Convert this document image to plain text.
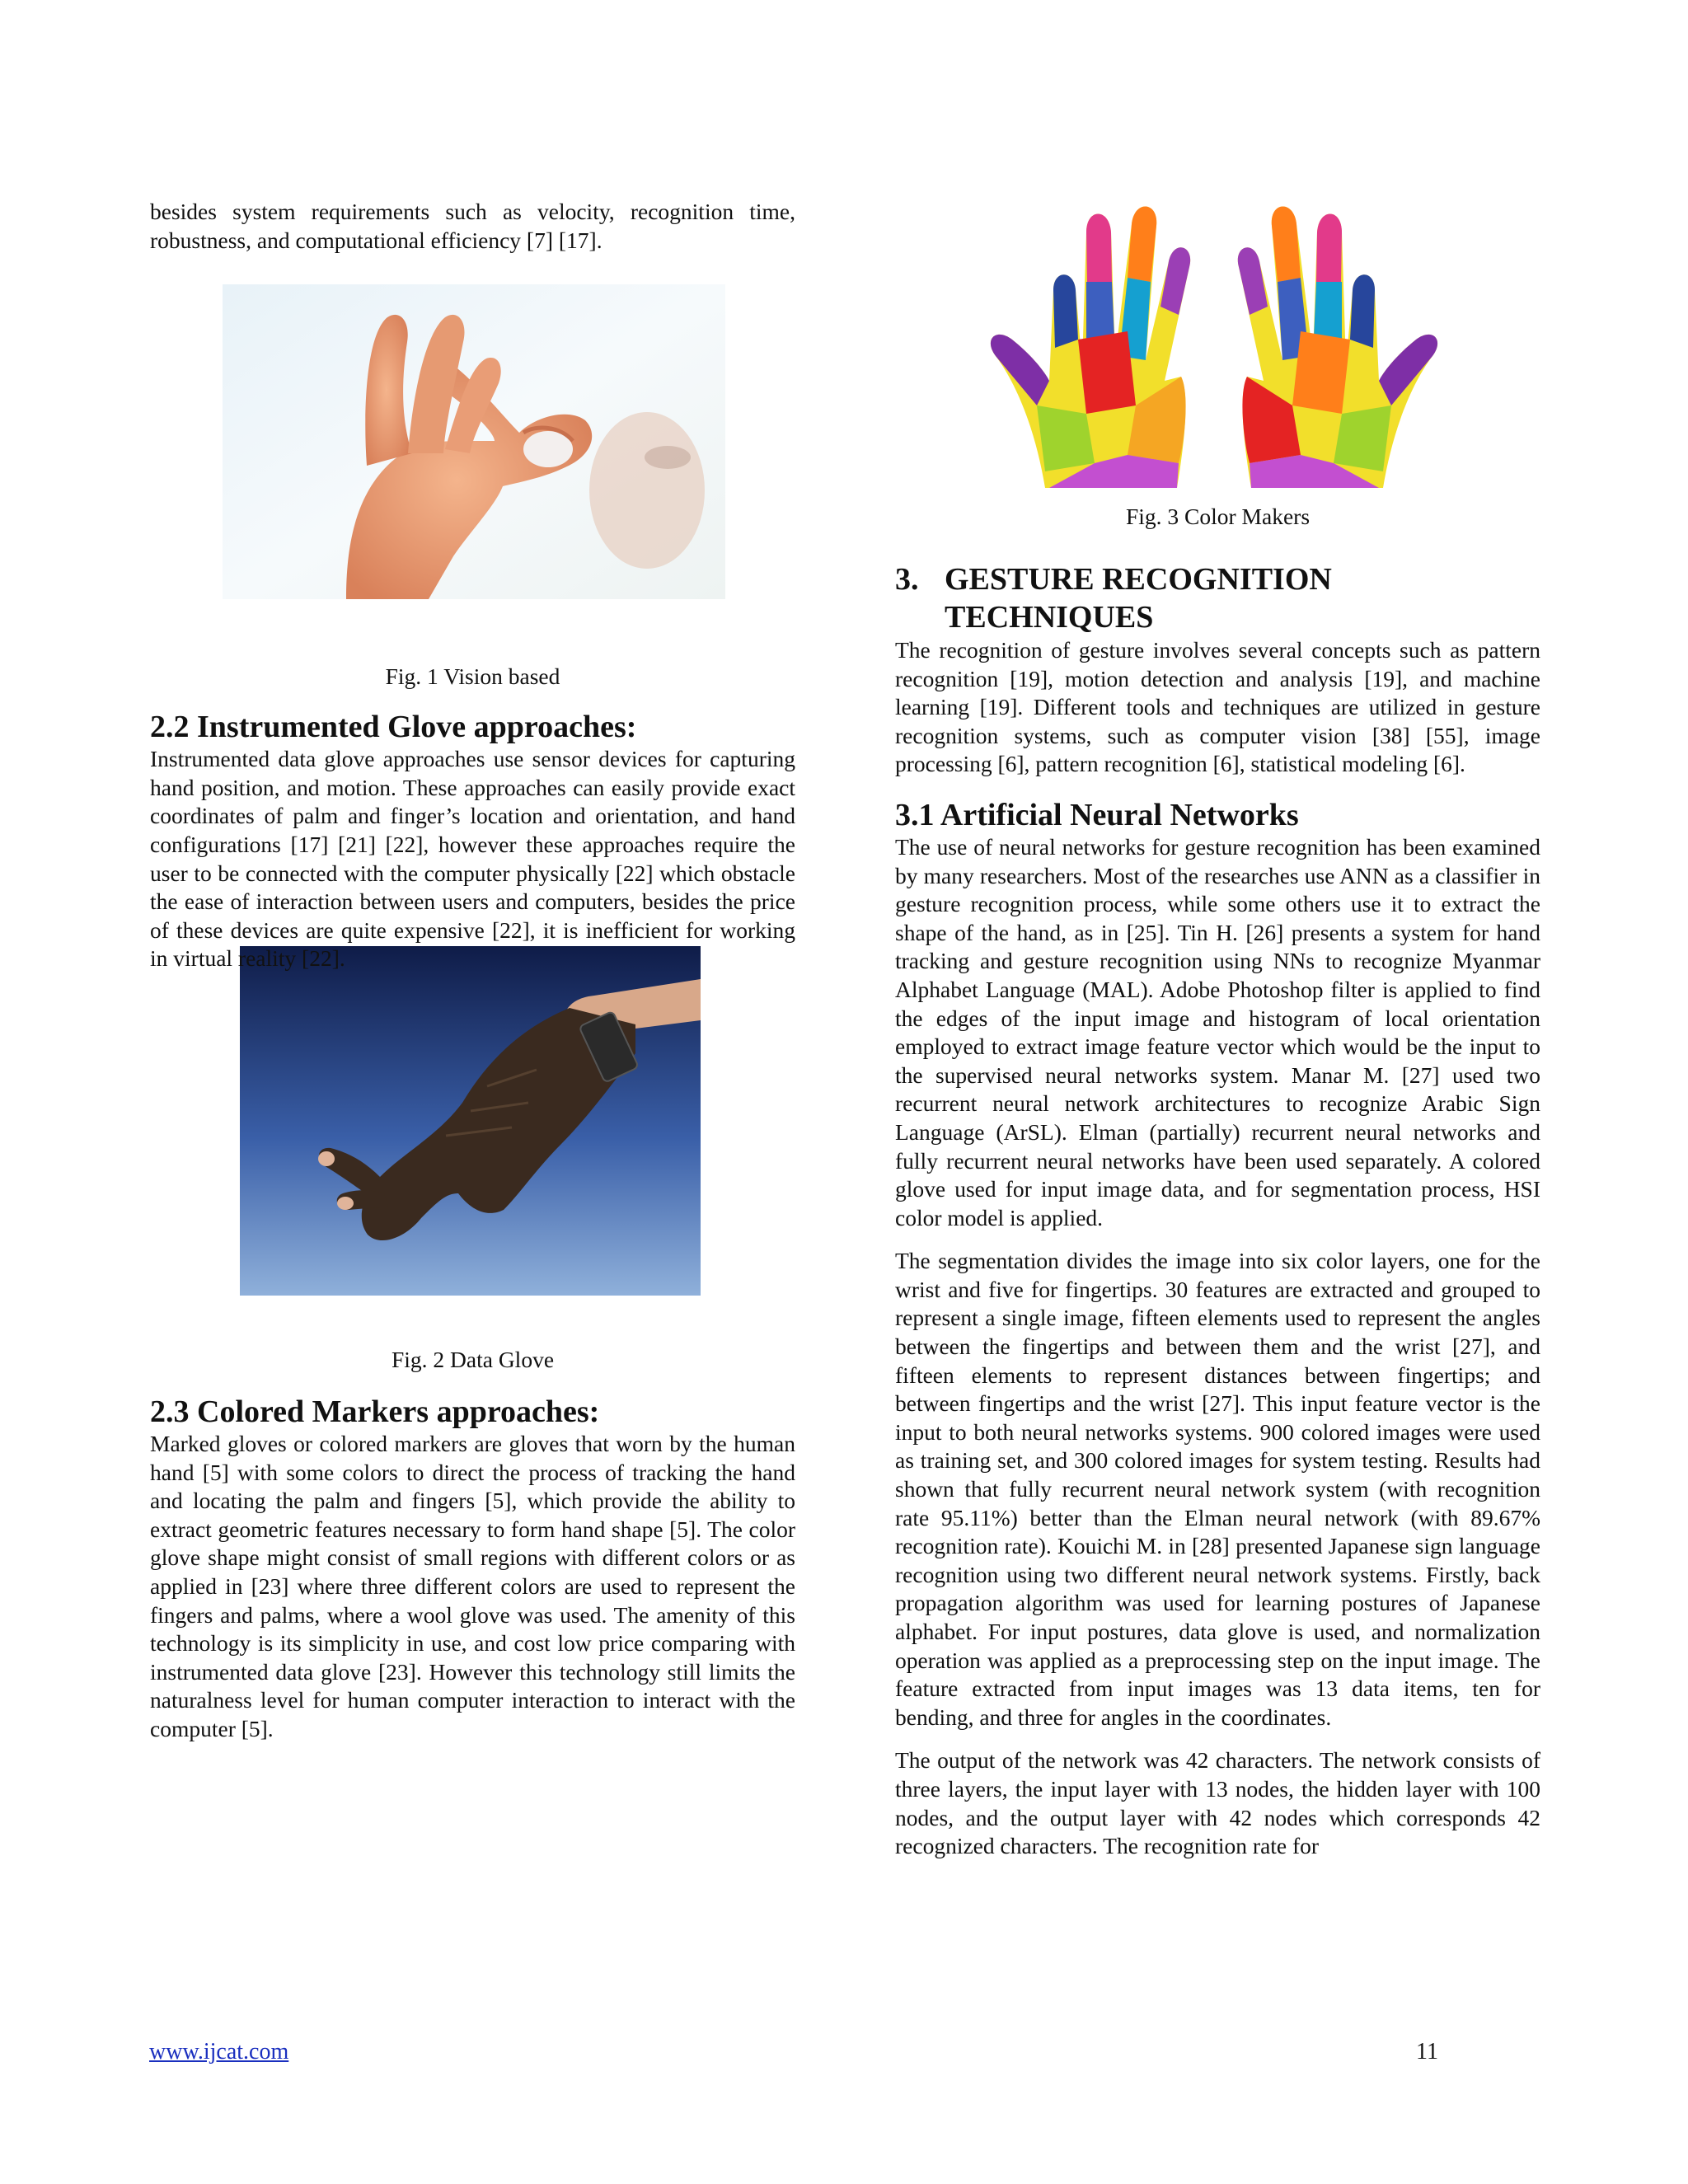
besides system requirements such as velocity, recognition time, robustness, and computational efficiency [7] [17].

Fig. 1 Vision based

2.2 Instrumented Glove approaches:

Instrumented data glove approaches use sensor devices for capturing hand position, and motion. These approaches can easily provide exact coordinates of palm and finger’s location and orientation, and hand configurations [17] [21] [22], however these approaches require the user to be connected with the computer physically [22] which obstacle the ease of interaction between users and computers, besides the price of these devices are quite expensive [22], it is inefficient for working in virtual reality [22].

Fig. 2 Data Glove

2.3 Colored Markers approaches:

Marked gloves or colored markers are gloves that worn by the human hand [5] with some colors to direct the process of tracking the hand and locating the palm and fingers [5], which provide the ability to extract geometric features necessary to form hand shape [5]. The color glove shape might consist of small regions with different colors or as applied in [23] where three different colors are used to represent the fingers and palms, where a wool glove was used. The amenity of this technology is its simplicity in use, and cost low price comparing with instrumented data glove [23]. However this technology still limits the naturalness level for human computer interaction to interact with the computer [5].

Fig. 3 Color Makers

3. GESTURE RECOGNITION TECHNIQUES

The recognition of gesture involves several concepts such as pattern recognition [19], motion detection and analysis [19], and machine learning [19]. Different tools and techniques are utilized in gesture recognition systems, such as computer vision [38] [55], image processing [6], pattern recognition [6], statistical modeling [6].

3.1 Artificial Neural Networks

The use of neural networks for gesture recognition has been examined by many researchers. Most of the researches use ANN as a classifier in gesture recognition process, while some others use it to extract the shape of the hand, as in [25]. Tin H. [26] presents a system for hand tracking and gesture recognition using NNs to recognize Myanmar Alphabet Language (MAL). Adobe Photoshop filter is applied to find the edges of the input image and histogram of local orientation employed to extract image feature vector which would be the input to the supervised neural networks system. Manar M. [27] used two recurrent neural network architectures to recognize Arabic Sign Language (ArSL). Elman (partially) recurrent neural networks and fully recurrent neural networks have been used separately. A colored glove used for input image data, and for segmentation process, HSI color model is applied.

The segmentation divides the image into six color layers, one for the wrist and five for fingertips. 30 features are extracted and grouped to represent a single image, fifteen elements used to represent the angles between the fingertips and between them and the wrist [27], and fifteen elements to represent distances between fingertips; and between fingertips and the wrist [27]. This input feature vector is the input to both neural networks systems. 900 colored images were used as training set, and 300 colored images for system testing. Results had shown that fully recurrent neural network system (with recognition rate 95.11%) better than the Elman neural network (with 89.67% recognition rate). Kouichi M. in [28] presented Japanese sign language recognition using two different neural network systems. Firstly, back propagation algorithm was used for learning postures of Japanese alphabet. For input postures, data glove is used, and normalization operation was applied as a preprocessing step on the input image. The feature extracted from input images was 13 data items, ten for bending, and three for angles in the coordinates.

The output of the network was 42 characters. The network consists of three layers, the input layer with 13 nodes, the hidden layer with 100 nodes, and the output layer with 42 nodes which corresponds 42 recognized characters. The recognition rate for

www.ijcat.com	11
